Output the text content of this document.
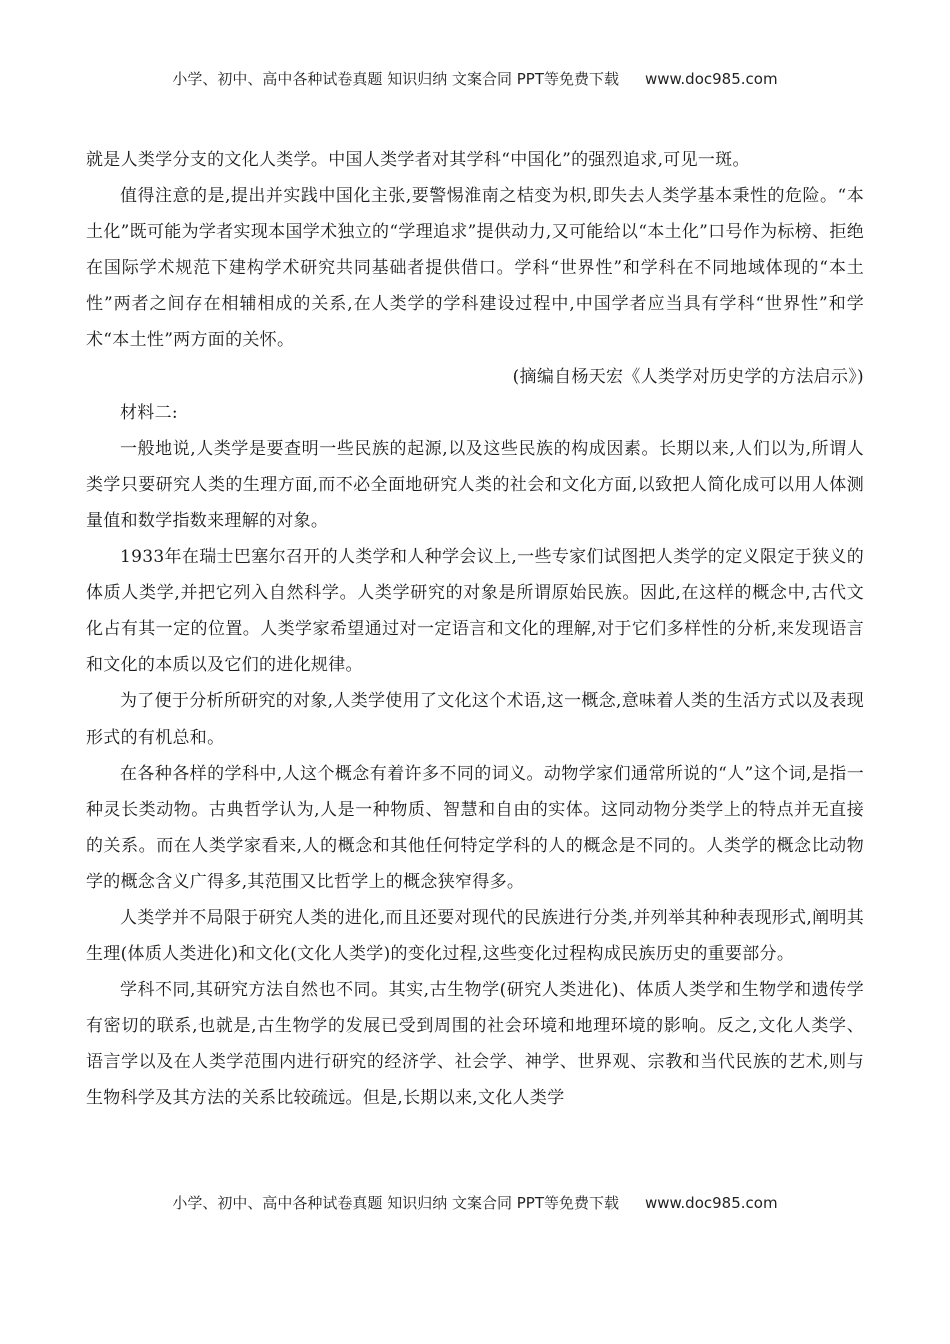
小学、初中、高中各种试卷真题 知识归纳 文案合同 PPT等免费下载 www.doc985.com

就是人类学分支的文化人类学。中国人类学者对其学科“中国化”的强烈追求,可见一斑。

值得注意的是,提出并实践中国化主张,要警惕淮南之桔变为枳,即失去人类学基本秉性的危险。“本土化”既可能为学者实现本国学术独立的“学理追求”提供动力,又可能给以“本土化”口号作为标榜、拒绝在国际学术规范下建构学术研究共同基础者提供借口。学科“世界性”和学科在不同地域体现的“本土性”两者之间存在相辅相成的关系,在人类学的学科建设过程中,中国学者应当具有学科“世界性”和学术“本土性”两方面的关怀。

(摘编自杨天宏《人类学对历史学的方法启示》)

材料二:

一般地说,人类学是要查明一些民族的起源,以及这些民族的构成因素。长期以来,人们以为,所谓人类学只要研究人类的生理方面,而不必全面地研究人类的社会和文化方面,以致把人简化成可以用人体测量值和数学指数来理解的对象。

1933年在瑞士巴塞尔召开的人类学和人种学会议上,一些专家们试图把人类学的定义限定于狭义的体质人类学,并把它列入自然科学。人类学研究的对象是所谓原始民族。因此,在这样的概念中,古代文化占有其一定的位置。人类学家希望通过对一定语言和文化的理解,对于它们多样性的分析,来发现语言和文化的本质以及它们的进化规律。

为了便于分析所研究的对象,人类学使用了文化这个术语,这一概念,意味着人类的生活方式以及表现形式的有机总和。

在各种各样的学科中,人这个概念有着许多不同的词义。动物学家们通常所说的“人”这个词,是指一种灵长类动物。古典哲学认为,人是一种物质、智慧和自由的实体。这同动物分类学上的特点并无直接的关系。而在人类学家看来,人的概念和其他任何特定学科的人的概念是不同的。人类学的概念比动物学的概念含义广得多,其范围又比哲学上的概念狭窄得多。

人类学并不局限于研究人类的进化,而且还要对现代的民族进行分类,并列举其种种表现形式,阐明其生理(体质人类进化)和文化(文化人类学)的变化过程,这些变化过程构成民族历史的重要部分。

学科不同,其研究方法自然也不同。其实,古生物学(研究人类进化)、体质人类学和生物学和遗传学有密切的联系,也就是,古生物学的发展已受到周围的社会环境和地理环境的影响。反之,文化人类学、语言学以及在人类学范围内进行研究的经济学、社会学、神学、世界观、宗教和当代民族的艺术,则与生物科学及其方法的关系比较疏远。但是,长期以来,文化人类学

小学、初中、高中各种试卷真题 知识归纳 文案合同 PPT等免费下载 www.doc985.com
